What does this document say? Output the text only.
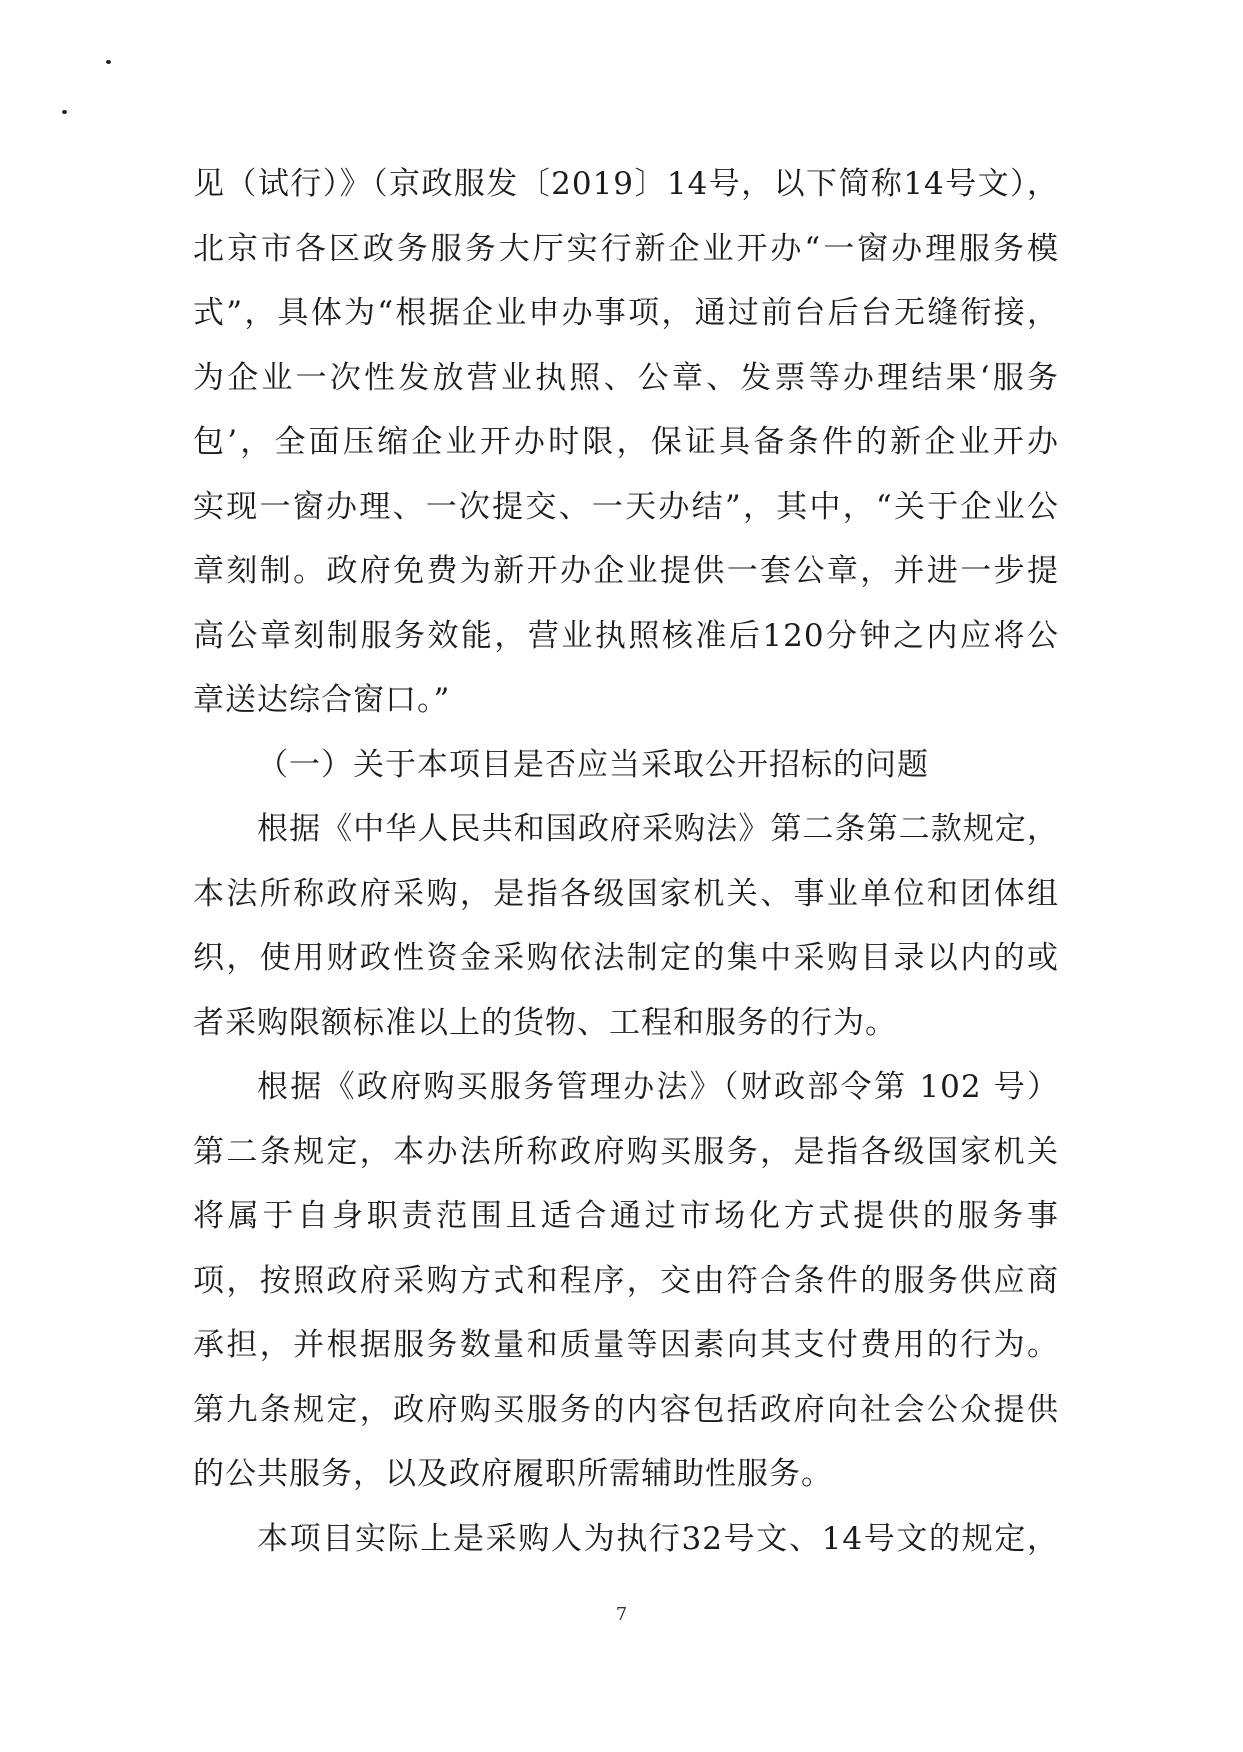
见（试行）》（京政服发〔2019〕14号，以下简称14号文），
北京市各区政务服务大厅实行新企业开办“一窗办理服务模
式”，具体为“根据企业申办事项，通过前台后台无缝衔接，
为企业一次性发放营业执照、公章、发票等办理结果‘服务
包’，全面压缩企业开办时限，保证具备条件的新企业开办
实现一窗办理、一次提交、一天办结”，其中，“关于企业公
章刻制。政府免费为新开办企业提供一套公章，并进一步提
高公章刻制服务效能，营业执照核准后120分钟之内应将公
章送达综合窗口。”
（一）关于本项目是否应当采取公开招标的问题
根据《中华人民共和国政府采购法》第二条第二款规定，
本法所称政府采购，是指各级国家机关、事业单位和团体组
织，使用财政性资金采购依法制定的集中采购目录以内的或
者采购限额标准以上的货物、工程和服务的行为。
根据《政府购买服务管理办法》（财政部令第 102 号）
第二条规定，本办法所称政府购买服务，是指各级国家机关
将属于自身职责范围且适合通过市场化方式提供的服务事
项，按照政府采购方式和程序，交由符合条件的服务供应商
承担，并根据服务数量和质量等因素向其支付费用的行为。
第九条规定，政府购买服务的内容包括政府向社会公众提供
的公共服务，以及政府履职所需辅助性服务。
本项目实际上是采购人为执行32号文、14号文的规定，
7
